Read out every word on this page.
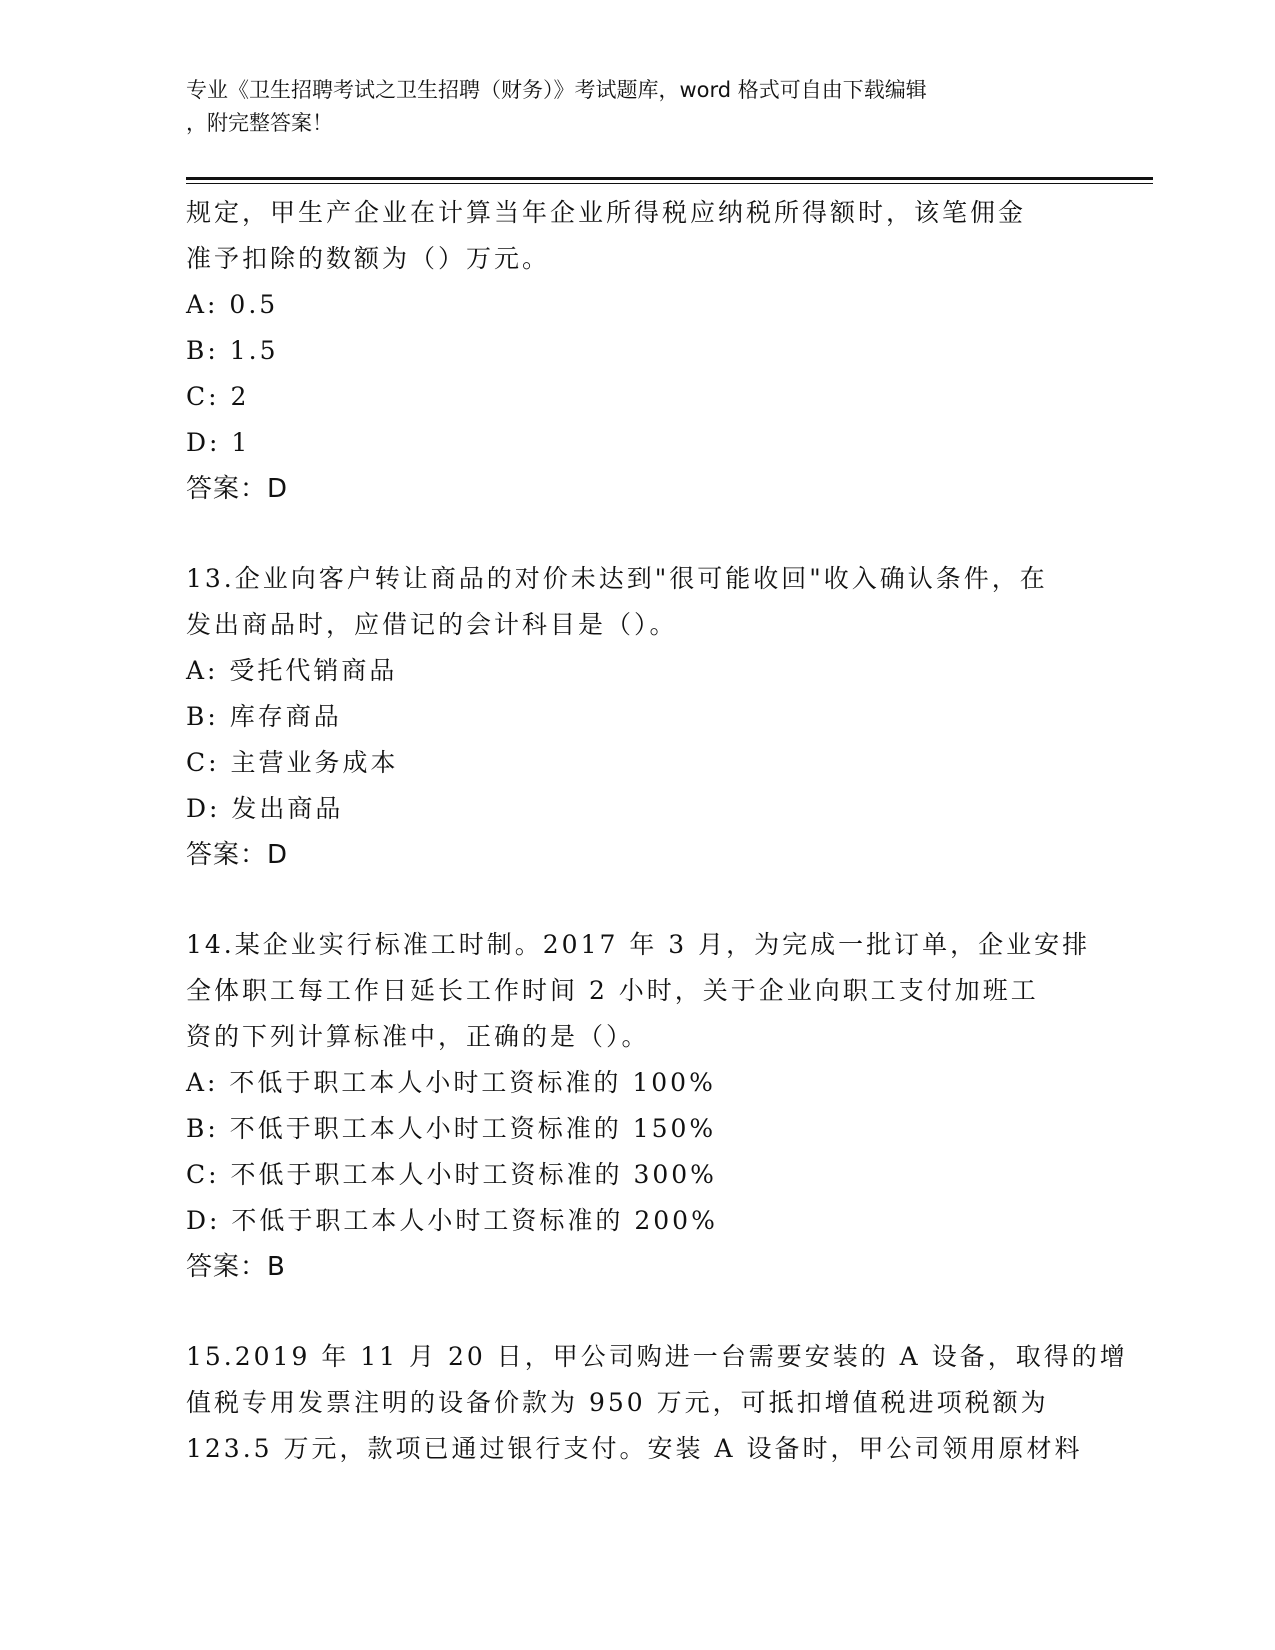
专业《卫生招聘考试之卫生招聘（财务）》考试题库，word 格式可自由下载编辑
，附完整答案！
规定，甲生产企业在计算当年企业所得税应纳税所得额时，该笔佣金
准予扣除的数额为（）万元。
A: 0.5
B: 1.5
C: 2
D: 1
答案：D
13.企业向客户转让商品的对价未达到"很可能收回"收入确认条件，在
发出商品时，应借记的会计科目是（）。
A: 受托代销商品
B: 库存商品
C: 主营业务成本
D: 发出商品
答案：D
14.某企业实行标准工时制。2017 年 3 月，为完成一批订单，企业安排
全体职工每工作日延长工作时间 2 小时，关于企业向职工支付加班工
资的下列计算标准中，正确的是（）。
A: 不低于职工本人小时工资标准的 100%
B: 不低于职工本人小时工资标准的 150%
C: 不低于职工本人小时工资标准的 300%
D: 不低于职工本人小时工资标准的 200%
答案：B
15.2019 年 11 月 20 日，甲公司购进一台需要安装的 A 设备，取得的增
值税专用发票注明的设备价款为 950 万元，可抵扣增值税进项税额为
123.5 万元，款项已通过银行支付。安装 A 设备时，甲公司领用原材料
